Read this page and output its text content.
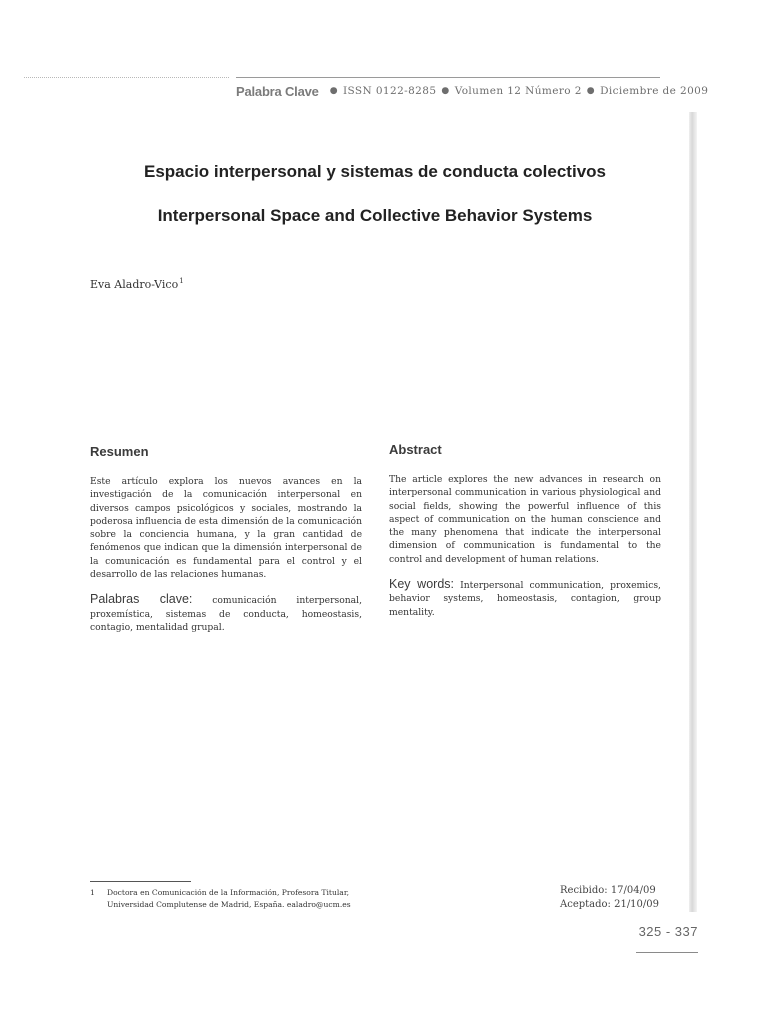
Palabra Clave ● ISSN 0122-8285 ● Volumen 12 Número 2 ● Diciembre de 2009
Espacio interpersonal y sistemas de conducta colectivos
Interpersonal Space and Collective Behavior Systems
Eva Aladro-Vico$^1$
Resumen

Este artículo explora los nuevos avances en la investigación de la comunicación interpersonal en diversos campos psicológicos y sociales, mostrando la poderosa influencia de esta dimensión de la comunicación sobre la conciencia humana, y la gran cantidad de fenómenos que indican que la dimensión interpersonal de la comunicación es fundamental para el control y el desarrollo de las relaciones humanas.

Palabras clave: comunicación interpersonal, proxemística, sistemas de conducta, homeostasis, contagio, mentalidad grupal.

Abstract

The article explores the new advances in research on interpersonal communication in various physiological and social fields, showing the powerful influence of this aspect of communication on the human conscience and the many phenomena that indicate the interpersonal dimension of communication is fundamental to the control and development of human relations.

Key words: Interpersonal communication, proxemics, behavior systems, homeostasis, contagion, group mentality.

1	Doctora en Comunicación de la Información, Profesora Titular, Universidad Complutense de Madrid, España. ealadro@ucm.es
Recibido: 17/04/09
Aceptado: 21/10/09
325 - 337
